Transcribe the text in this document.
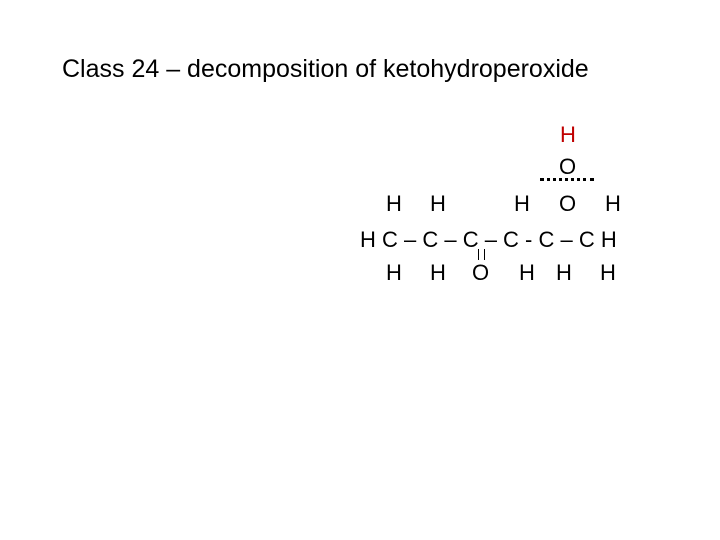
Class 24 – decomposition of ketohydroperoxide
H
O
H H	H O H
H C – C – C – C - C – C H
H H O H H H
